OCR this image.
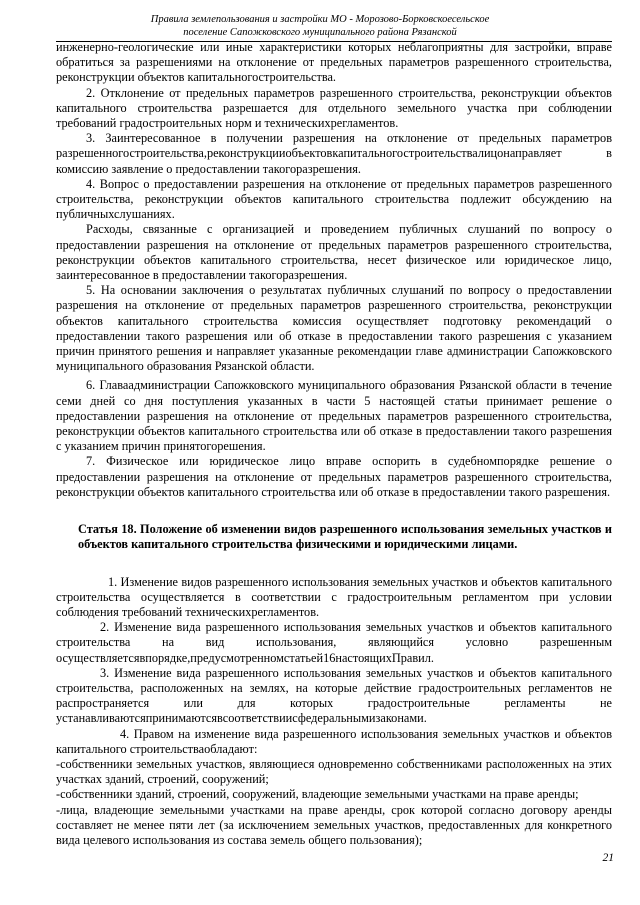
Правила землепользования и застройки МО - Морозово-Борковскоесельское
поселение Сапожковского муниципального района Рязанской

инженерно-геологические или иные характеристики которых неблагоприятны для застройки, вправе обратиться за разрешениями на отклонение от предельных параметров разрешенного строительства, реконструкции объектов капитальногостроительства.

2. Отклонение от предельных параметров разрешенного строительства, реконструкции объектов капитального строительства разрешается для отдельного земельного участка при соблюдении требований градостроительных норм и техническихрегламентов.

3. Заинтересованное в получении разрешения на отклонение от предельных параметров разрешенногостроительства,реконструкцииобъектовкапитальногостроительствалицонаправляет в комиссию заявление о предоставлении такогоразрешения.

4. Вопрос о предоставлении разрешения на отклонение от предельных параметров разрешенного строительства, реконструкции объектов капитального строительства подлежит обсуждению на публичныхслушаниях.

Расходы, связанные с организацией и проведением публичных слушаний по вопросу о предоставлении разрешения на отклонение от предельных параметров разрешенного строительства, реконструкции объектов капитального строительства, несет физическое или юридическое лицо, заинтересованное в предоставлении такогоразрешения.

5. На основании заключения о результатах публичных слушаний по вопросу о предоставлении разрешения на отклонение от предельных параметров разрешенного строительства, реконструкции объектов капитального строительства комиссия осуществляет подготовку рекомендаций о предоставлении такого разрешения или об отказе в предоставлении такого разрешения с указанием причин принятого решения и направляет указанные рекомендации главе администрации Сапожковского муниципального образования Рязанской области.

6. Главаадминистрации Сапожковского муниципального образования Рязанской области в течение семи дней со дня поступления указанных в части 5 настоящей статьи принимает решение о предоставлении разрешения на отклонение от предельных параметров разрешенного строительства, реконструкции объектов капитального строительства или об отказе в предоставлении такого разрешения с указанием причин принятогорешения.

7. Физическое или юридическое лицо вправе оспорить в судебномпорядке решение о предоставлении разрешения на отклонение от предельных параметров разрешенного строительства, реконструкции объектов капитального строительства или об отказе в предоставлении такого разрешения.

Статья 18. Положение об изменении видов разрешенного использования земельных участков и объектов капитального строительства физическими и юридическими лицами.

1. Изменение видов разрешенного использования земельных участков и объектов капитального строительства осуществляется в соответствии с градостроительным регламентом при условии соблюдения требований техническихрегламентов.

2. Изменение вида разрешенного использования земельных участков и объектов капитального строительства на вид использования, являющийся условно разрешенным осуществляетсявпорядке,предусмотренномстатьей16настоящихПравил.

3. Изменение вида разрешенного использования земельных участков и объектов капитального строительства, расположенных на землях, на которые действие градостроительных регламентов не распространяется или для которых градостроительные регламенты не устанавливаютсяпринимаютсявсоответствиисфедеральнымизаконами.

4. Правом на изменение вида разрешенного использования земельных участков и объектов капитального строительстваобладают:

-собственники земельных участков, являющиеся одновременно собственниками расположенных на этих участках зданий, строений, сооружений;

-собственники зданий, строений, сооружений, владеющие земельными участками на праве аренды;

-лица, владеющие земельными участками на праве аренды, срок которой согласно договору аренды составляет не менее пяти лет (за исключением земельных участков, предоставленных для конкретного вида целевого использования из состава земель общего пользования);

21
